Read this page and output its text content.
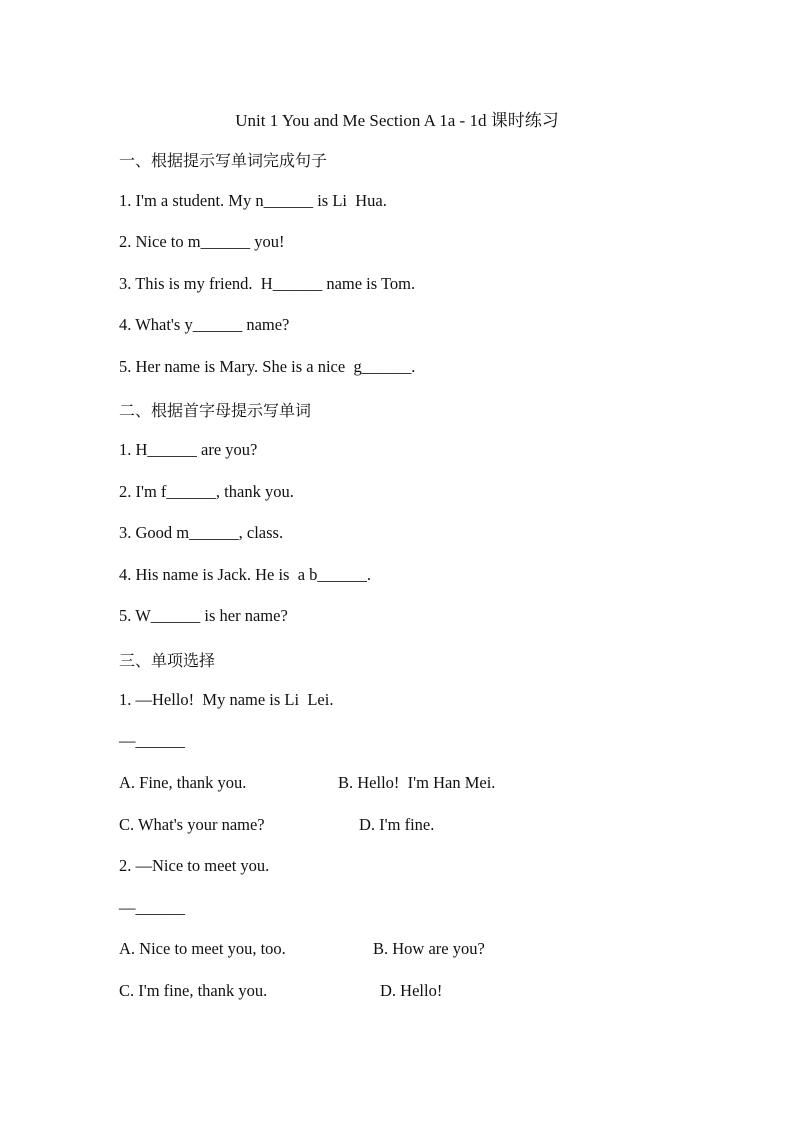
Unit 1 You and Me Section A 1a - 1d 课时练习
一、根据提示写单词完成句子
1. I'm a student. My n______ is Li  Hua.
2. Nice to m______ you!
3. This is my friend.  H______ name is Tom.
4. What's y______ name?
5. Her name is Mary. She is a nice  g______.
二、根据首字母提示写单词
1. H______ are you?
2. I'm f______, thank you.
3. Good m______, class.
4. His name is Jack. He is  a b______.
5. W______ is her name?
三、单项选择
1. —Hello!  My name is Li  Lei.
—______
A. Fine, thank you.	B. Hello!  I'm Han Mei.
C. What's your name?	D. I'm fine.
2. —Nice to meet you.
—______
A. Nice to meet you, too.	B. How are you?
C. I'm fine, thank you.	D. Hello!
